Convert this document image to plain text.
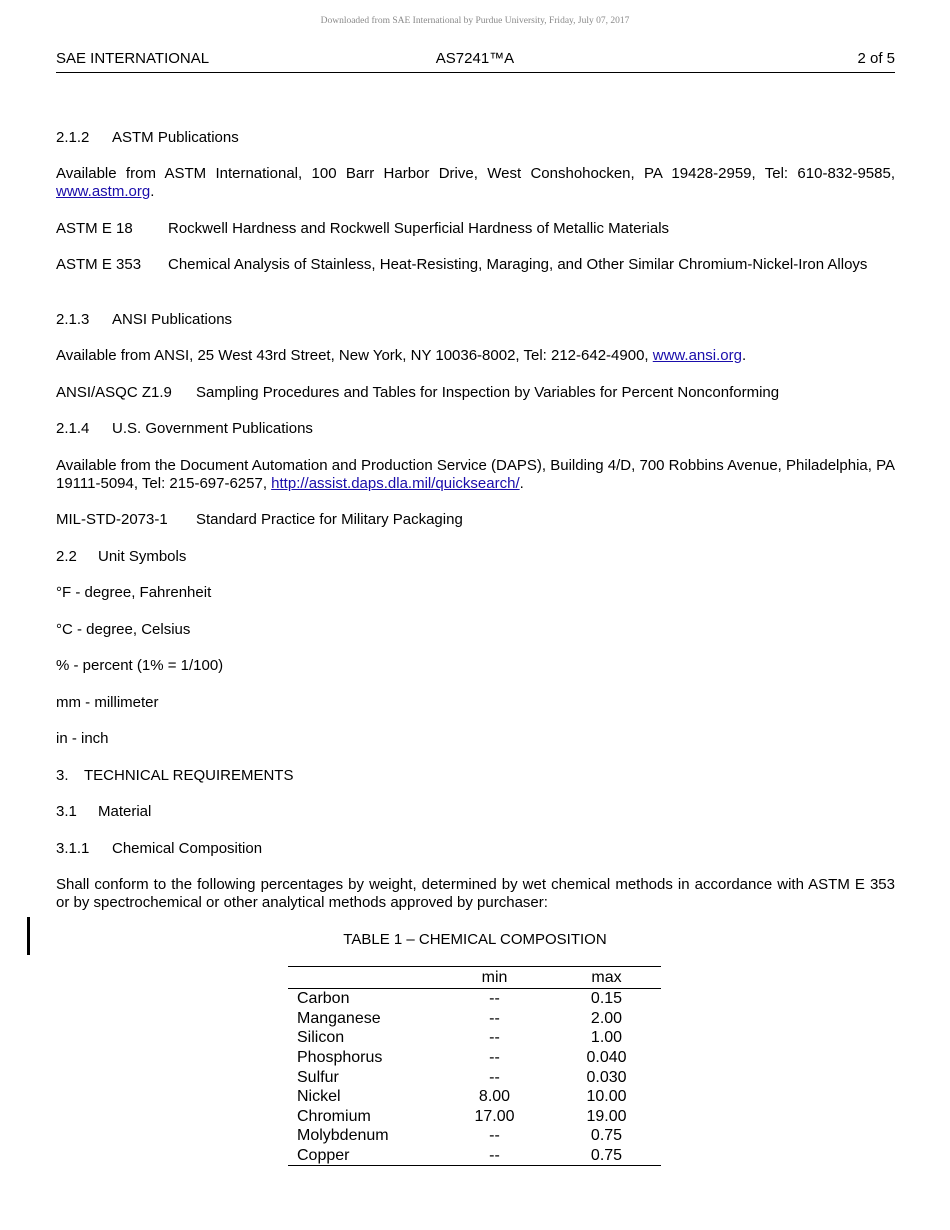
Downloaded from SAE International by Purdue University, Friday, July 07, 2017
SAE INTERNATIONAL	AS7241™A	2 of 5
2.1.2 ASTM Publications
Available from ASTM International, 100 Barr Harbor Drive, West Conshohocken, PA 19428-2959, Tel: 610-832-9585, www.astm.org.
ASTM E 18 Rockwell Hardness and Rockwell Superficial Hardness of Metallic Materials
ASTM E 353 Chemical Analysis of Stainless, Heat-Resisting, Maraging, and Other Similar Chromium-Nickel-Iron Alloys
2.1.3 ANSI Publications
Available from ANSI, 25 West 43rd Street, New York, NY 10036-8002, Tel: 212-642-4900, www.ansi.org.
ANSI/ASQC Z1.9 Sampling Procedures and Tables for Inspection by Variables for Percent Nonconforming
2.1.4 U.S. Government Publications
Available from the Document Automation and Production Service (DAPS), Building 4/D, 700 Robbins Avenue, Philadelphia, PA 19111-5094, Tel: 215-697-6257, http://assist.daps.dla.mil/quicksearch/.
MIL-STD-2073-1 Standard Practice for Military Packaging
2.2 Unit Symbols
°F - degree, Fahrenheit
°C - degree, Celsius
% - percent (1% = 1/100)
mm - millimeter
in - inch
3. TECHNICAL REQUIREMENTS
3.1 Material
3.1.1 Chemical Composition
Shall conform to the following percentages by weight, determined by wet chemical methods in accordance with ASTM E 353 or by spectrochemical or other analytical methods approved by purchaser:
TABLE 1 – CHEMICAL COMPOSITION
	min	max
Carbon	--	0.15
Manganese	--	2.00
Silicon	--	1.00
Phosphorus	--	0.040
Sulfur	--	0.030
Nickel	8.00	10.00
Chromium	17.00	19.00
Molybdenum	--	0.75
Copper	--	0.75
